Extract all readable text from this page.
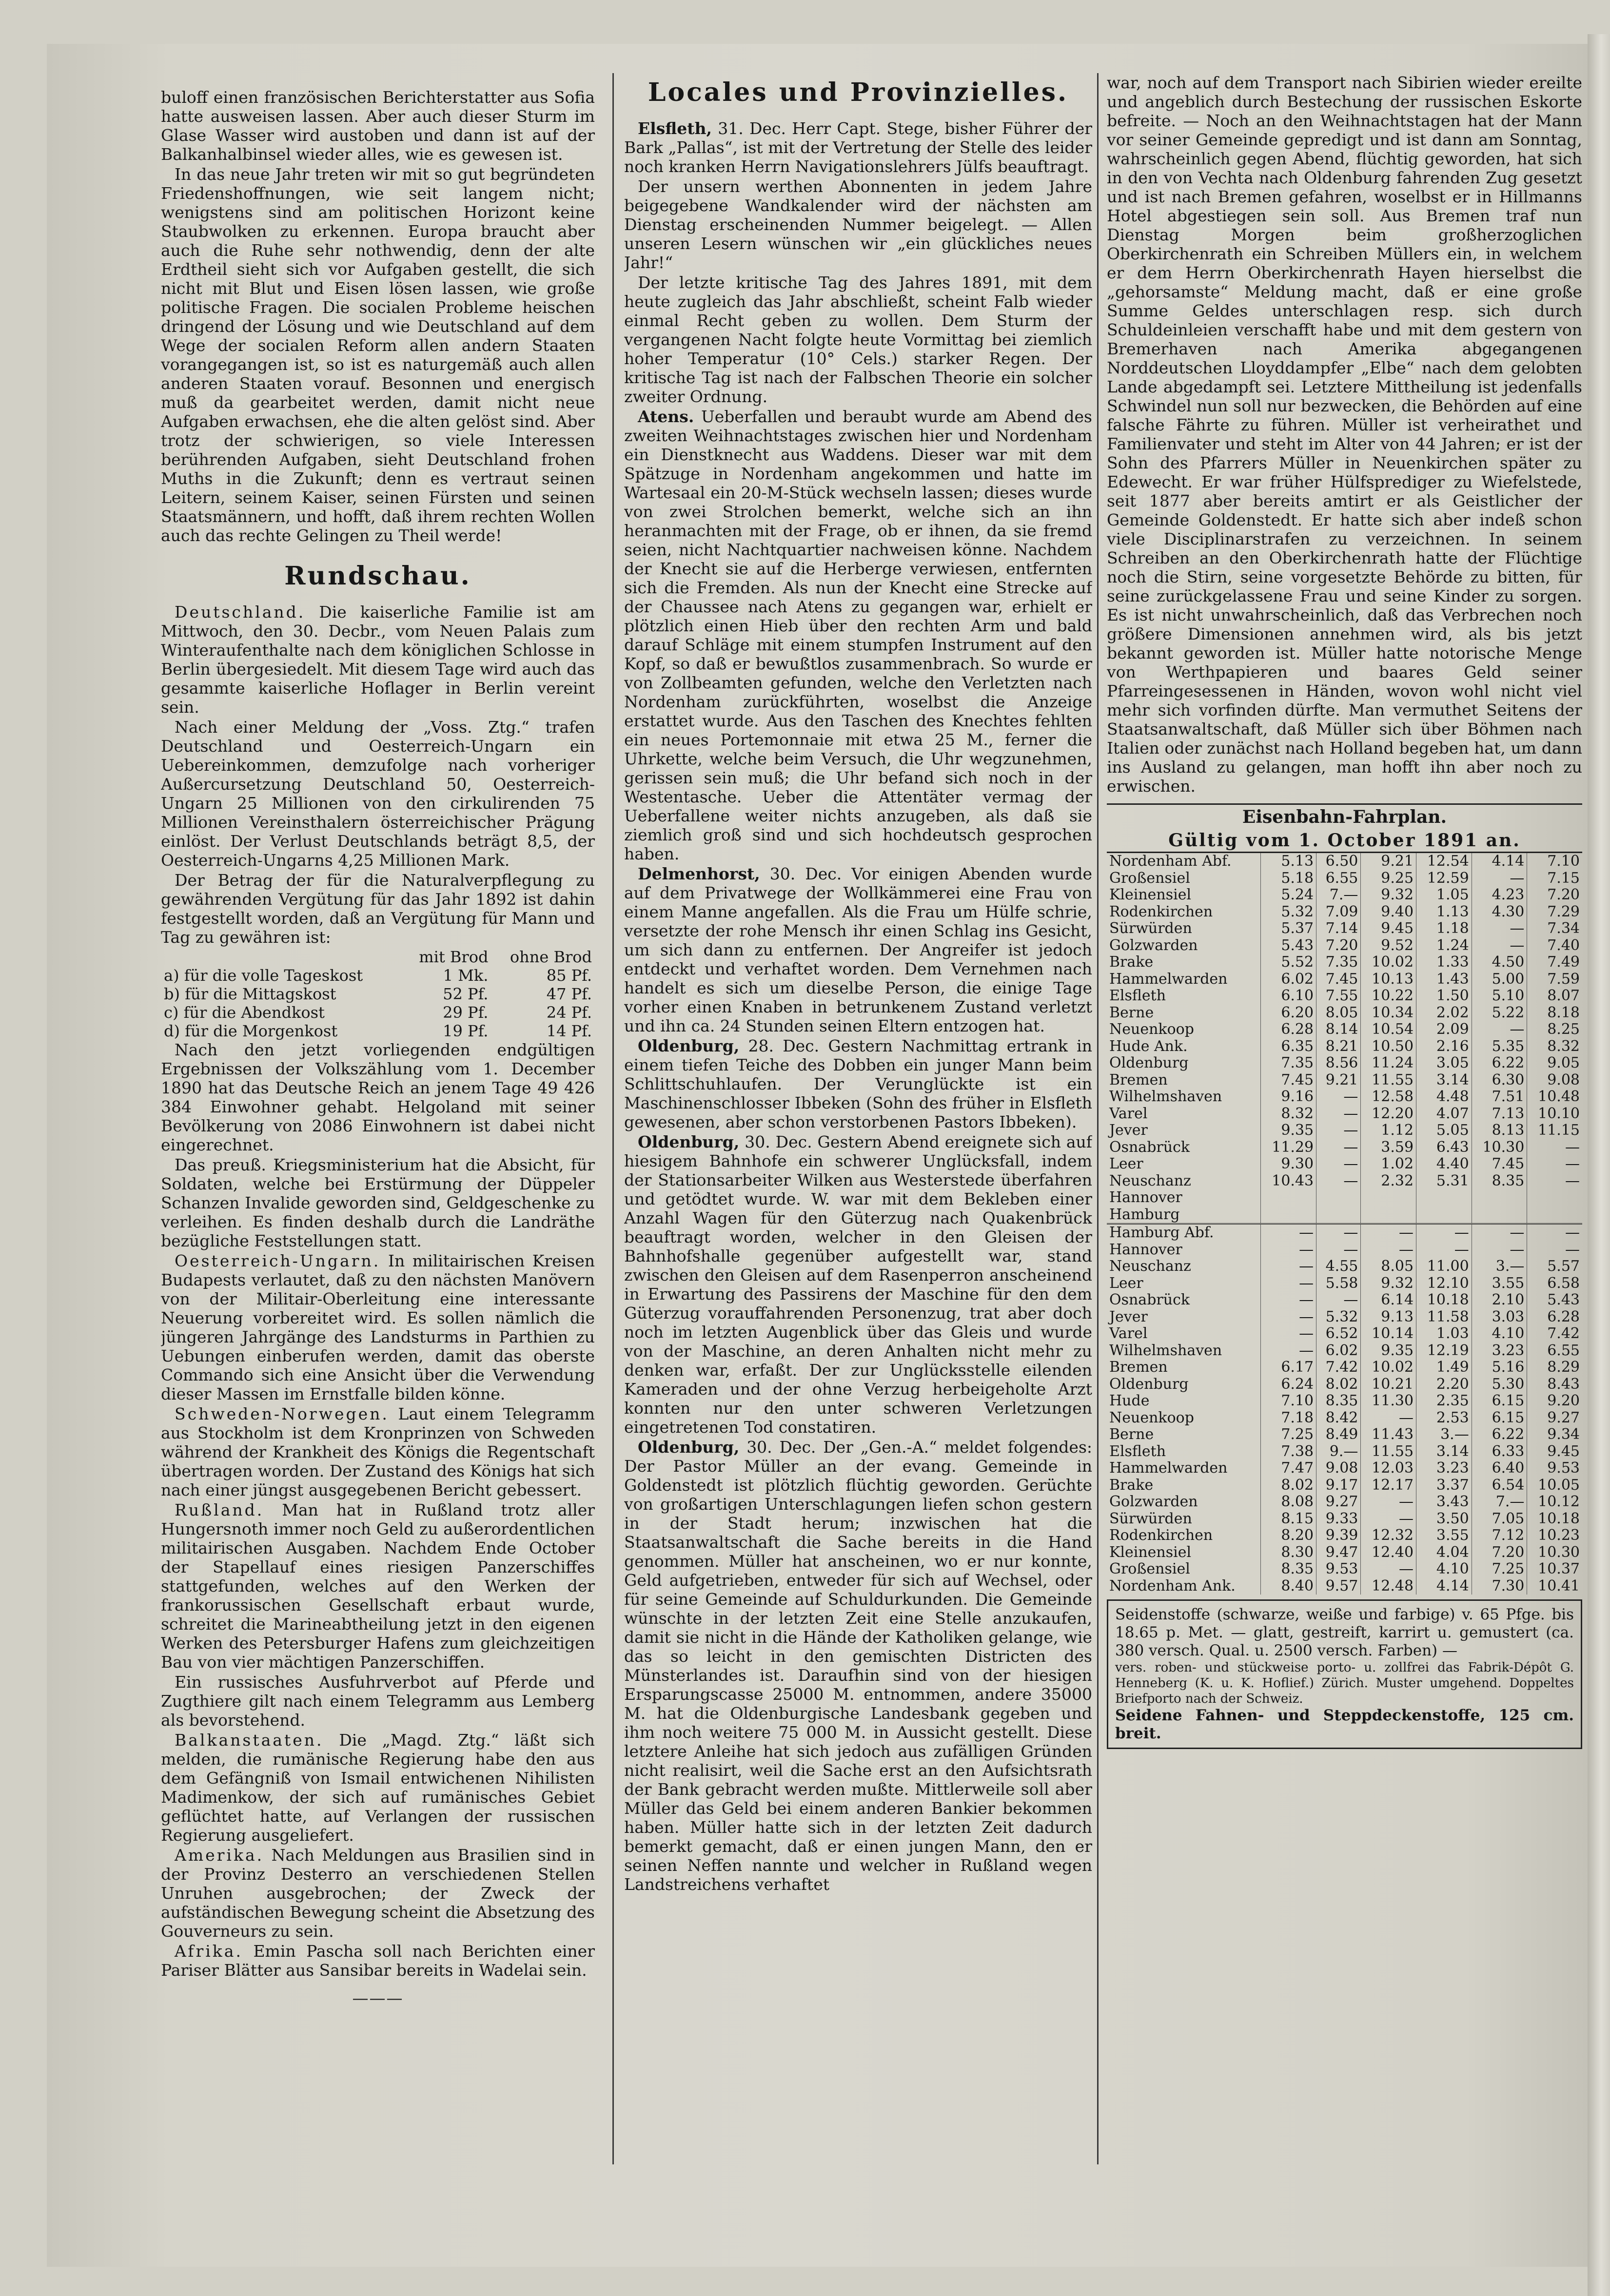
buloff einen französischen Berichterstatter aus Sofia hatte ausweisen lassen. Aber auch dieser Sturm im Glase Wasser wird austoben und dann ist auf der Balkanhalbinsel wieder alles, wie es gewesen ist.

In das neue Jahr treten wir mit so gut begründeten Friedenshoffnungen, wie seit langem nicht; wenigstens sind am politischen Horizont keine Staubwolken zu erkennen. Europa braucht aber auch die Ruhe sehr nothwendig, denn der alte Erdtheil sieht sich vor Aufgaben gestellt, die sich nicht mit Blut und Eisen lösen lassen, wie große politische Fragen. Die socialen Probleme heischen dringend der Lösung und wie Deutschland auf dem Wege der socialen Reform allen andern Staaten vorangegangen ist, so ist es naturgemäß auch allen anderen Staaten vorauf. Besonnen und energisch muß da gearbeitet werden, damit nicht neue Aufgaben erwachsen, ehe die alten gelöst sind. Aber trotz der schwierigen, so viele Interessen berührenden Aufgaben, sieht Deutschland frohen Muths in die Zukunft; denn es vertraut seinen Leitern, seinem Kaiser, seinen Fürsten und seinen Staatsmännern, und hofft, daß ihrem rechten Wollen auch das rechte Gelingen zu Theil werde!

Rundschau.

Deutschland. Die kaiserliche Familie ist am Mittwoch, den 30. Decbr., vom Neuen Palais zum Winteraufenthalte nach dem königlichen Schlosse in Berlin übergesiedelt. Mit diesem Tage wird auch das gesammte kaiserliche Hoflager in Berlin vereint sein.

Nach einer Meldung der „Voss. Ztg.“ trafen Deutschland und Oesterreich-Ungarn ein Uebereinkommen, demzufolge nach vorheriger Außercursetzung Deutschland 50, Oesterreich-Ungarn 25 Millionen von den cirkulirenden 75 Millionen Vereinsthalern österreichischer Prägung einlöst. Der Verlust Deutschlands beträgt 8,5, der Oesterreich-Ungarns 4,25 Millionen Mark.

Der Betrag der für die Naturalverpflegung zu gewährenden Vergütung für das Jahr 1892 ist dahin festgestellt worden, daß an Vergütung für Mann und Tag zu gewähren ist:

	mit Brod	ohne Brod
a) für die volle Tageskost	1 Mk.	85 Pf.
b) für die Mittagskost	52 Pf.	47 Pf.
c) für die Abendkost	29 Pf.	24 Pf.
d) für die Morgenkost	19 Pf.	14 Pf.

Nach den jetzt vorliegenden endgültigen Ergebnissen der Volkszählung vom 1. December 1890 hat das Deutsche Reich an jenem Tage 49 426 384 Einwohner gehabt. Helgoland mit seiner Bevölkerung von 2086 Einwohnern ist dabei nicht eingerechnet.

Das preuß. Kriegsministerium hat die Absicht, für Soldaten, welche bei Erstürmung der Düppeler Schanzen Invalide geworden sind, Geldgeschenke zu verleihen. Es finden deshalb durch die Landräthe bezügliche Feststellungen statt.

Oesterreich-Ungarn. In militairischen Kreisen Budapests verlautet, daß zu den nächsten Manövern von der Militair-Oberleitung eine interessante Neuerung vorbereitet wird. Es sollen nämlich die jüngeren Jahrgänge des Landsturms in Parthien zu Uebungen einberufen werden, damit das oberste Commando sich eine Ansicht über die Verwendung dieser Massen im Ernstfalle bilden könne.

Schweden-Norwegen. Laut einem Telegramm aus Stockholm ist dem Kronprinzen von Schweden während der Krankheit des Königs die Regentschaft übertragen worden. Der Zustand des Königs hat sich nach einer jüngst ausgegebenen Bericht gebessert.

Rußland. Man hat in Rußland trotz aller Hungersnoth immer noch Geld zu außerordentlichen militairischen Ausgaben. Nachdem Ende October der Stapellauf eines riesigen Panzerschiffes stattgefunden, welches auf den Werken der frankorussischen Gesellschaft erbaut wurde, schreitet die Marineabtheilung jetzt in den eigenen Werken des Petersburger Hafens zum gleichzeitigen Bau von vier mächtigen Panzerschiffen.

Ein russisches Ausfuhrverbot auf Pferde und Zugthiere gilt nach einem Telegramm aus Lemberg als bevorstehend.

Balkanstaaten. Die „Magd. Ztg.“ läßt sich melden, die rumänische Regierung habe den aus dem Gefängniß von Ismail entwichenen Nihilisten Madimenkow, der sich auf rumänisches Gebiet geflüchtet hatte, auf Verlangen der russischen Regierung ausgeliefert.

Amerika. Nach Meldungen aus Brasilien sind in der Provinz Desterro an verschiedenen Stellen Unruhen ausgebrochen; der Zweck der aufständischen Bewegung scheint die Absetzung des Gouverneurs zu sein.

Afrika. Emin Pascha soll nach Berichten einer Pariser Blätter aus Sansibar bereits in Wadelai sein.

———

Locales und Provinzielles.

Elsfleth, 31. Dec. Herr Capt. Stege, bisher Führer der Bark „Pallas“, ist mit der Vertretung der Stelle des leider noch kranken Herrn Navigationslehrers Jülfs beauftragt.

Der unsern werthen Abonnenten in jedem Jahre beigegebene Wandkalender wird der nächsten am Dienstag erscheinenden Nummer beigelegt. — Allen unseren Lesern wünschen wir „ein glückliches neues Jahr!“

Der letzte kritische Tag des Jahres 1891, mit dem heute zugleich das Jahr abschließt, scheint Falb wieder einmal Recht geben zu wollen. Dem Sturm der vergangenen Nacht folgte heute Vormittag bei ziemlich hoher Temperatur (10° Cels.) starker Regen. Der kritische Tag ist nach der Falbschen Theorie ein solcher zweiter Ordnung.

Atens. Ueberfallen und beraubt wurde am Abend des zweiten Weihnachtstages zwischen hier und Nordenham ein Dienstknecht aus Waddens. Dieser war mit dem Spätzuge in Nordenham angekommen und hatte im Wartesaal ein 20-M-Stück wechseln lassen; dieses wurde von zwei Strolchen bemerkt, welche sich an ihn heranmachten mit der Frage, ob er ihnen, da sie fremd seien, nicht Nachtquartier nachweisen könne. Nachdem der Knecht sie auf die Herberge verwiesen, entfernten sich die Fremden. Als nun der Knecht eine Strecke auf der Chaussee nach Atens zu gegangen war, erhielt er plötzlich einen Hieb über den rechten Arm und bald darauf Schläge mit einem stumpfen Instrument auf den Kopf, so daß er bewußtlos zusammenbrach. So wurde er von Zollbeamten gefunden, welche den Verletzten nach Nordenham zurückführten, woselbst die Anzeige erstattet wurde. Aus den Taschen des Knechtes fehlten ein neues Portemonnaie mit etwa 25 M., ferner die Uhrkette, welche beim Versuch, die Uhr wegzunehmen, gerissen sein muß; die Uhr befand sich noch in der Westentasche. Ueber die Attentäter vermag der Ueberfallene weiter nichts anzugeben, als daß sie ziemlich groß sind und sich hochdeutsch gesprochen haben.

Delmenhorst, 30. Dec. Vor einigen Abenden wurde auf dem Privatwege der Wollkämmerei eine Frau von einem Manne angefallen. Als die Frau um Hülfe schrie, versetzte der rohe Mensch ihr einen Schlag ins Gesicht, um sich dann zu entfernen. Der Angreifer ist jedoch entdeckt und verhaftet worden. Dem Vernehmen nach handelt es sich um dieselbe Person, die einige Tage vorher einen Knaben in betrunkenem Zustand verletzt und ihn ca. 24 Stunden seinen Eltern entzogen hat.

Oldenburg, 28. Dec. Gestern Nachmittag ertrank in einem tiefen Teiche des Dobben ein junger Mann beim Schlittschuhlaufen. Der Verunglückte ist ein Maschinenschlosser Ibbeken (Sohn des früher in Elsfleth gewesenen, aber schon verstorbenen Pastors Ibbeken).

Oldenburg, 30. Dec. Gestern Abend ereignete sich auf hiesigem Bahnhofe ein schwerer Unglücksfall, indem der Stationsarbeiter Wilken aus Westerstede überfahren und getödtet wurde. W. war mit dem Bekleben einer Anzahl Wagen für den Güterzug nach Quakenbrück beauftragt worden, welcher in den Gleisen der Bahnhofshalle gegenüber aufgestellt war, stand zwischen den Gleisen auf dem Rasenperron anscheinend in Erwartung des Passirens der Maschine für den dem Güterzug vorauffahrenden Personenzug, trat aber doch noch im letzten Augenblick über das Gleis und wurde von der Maschine, an deren Anhalten nicht mehr zu denken war, erfaßt. Der zur Unglücksstelle eilenden Kameraden und der ohne Verzug herbeigeholte Arzt konnten nur den unter schweren Verletzungen eingetretenen Tod constatiren.

Oldenburg, 30. Dec. Der „Gen.-A.“ meldet folgendes: Der Pastor Müller an der evang. Gemeinde in Goldenstedt ist plötzlich flüchtig geworden. Gerüchte von großartigen Unterschlagungen liefen schon gestern in der Stadt herum; inzwischen hat die Staatsanwaltschaft die Sache bereits in die Hand genommen. Müller hat anscheinen, wo er nur konnte, Geld aufgetrieben, entweder für sich auf Wechsel, oder für seine Gemeinde auf Schuldurkunden. Die Gemeinde wünschte in der letzten Zeit eine Stelle anzukaufen, damit sie nicht in die Hände der Katholiken gelange, wie das so leicht in den gemischten Districten des Münsterlandes ist. Daraufhin sind von der hiesigen Ersparungscasse 25000 M. entnommen, andere 35000 M. hat die Oldenburgische Landesbank gegeben und ihm noch weitere 75 000 M. in Aussicht gestellt. Diese letztere Anleihe hat sich jedoch aus zufälligen Gründen nicht realisirt, weil die Sache erst an den Aufsichtsrath der Bank gebracht werden mußte. Mittlerweile soll aber Müller das Geld bei einem anderen Bankier bekommen haben. Müller hatte sich in der letzten Zeit dadurch bemerkt gemacht, daß er einen jungen Mann, den er seinen Neffen nannte und welcher in Rußland wegen Landstreichens verhaftet

war, noch auf dem Transport nach Sibirien wieder ereilte und angeblich durch Bestechung der russischen Eskorte befreite. — Noch an den Weihnachtstagen hat der Mann vor seiner Gemeinde gepredigt und ist dann am Sonntag, wahrscheinlich gegen Abend, flüchtig geworden, hat sich in den von Vechta nach Oldenburg fahrenden Zug gesetzt und ist nach Bremen gefahren, woselbst er in Hillmanns Hotel abgestiegen sein soll. Aus Bremen traf nun Dienstag Morgen beim großherzoglichen Oberkirchenrath ein Schreiben Müllers ein, in welchem er dem Herrn Oberkirchenrath Hayen hierselbst die „gehorsamste“ Meldung macht, daß er eine große Summe Geldes unterschlagen resp. sich durch Schuldeinleien verschafft habe und mit dem gestern von Bremerhaven nach Amerika abgegangenen Norddeutschen Lloyddampfer „Elbe“ nach dem gelobten Lande abgedampft sei. Letztere Mittheilung ist jedenfalls Schwindel nun soll nur bezwecken, die Behörden auf eine falsche Fährte zu führen. Müller ist verheirathet und Familienvater und steht im Alter von 44 Jahren; er ist der Sohn des Pfarrers Müller in Neuenkirchen später zu Edewecht. Er war früher Hülfsprediger zu Wiefelstede, seit 1877 aber bereits amtirt er als Geistlicher der Gemeinde Goldenstedt. Er hatte sich aber indeß schon viele Disciplinarstrafen zu verzeichnen. In seinem Schreiben an den Oberkirchenrath hatte der Flüchtige noch die Stirn, seine vorgesetzte Behörde zu bitten, für seine zurückgelassene Frau und seine Kinder zu sorgen. Es ist nicht unwahrscheinlich, daß das Verbrechen noch größere Dimensionen annehmen wird, als bis jetzt bekannt geworden ist. Müller hatte notorische Menge von Werthpapieren und baares Geld seiner Pfarreingesessenen in Händen, wovon wohl nicht viel mehr sich vorfinden dürfte. Man vermuthet Seitens der Staatsanwaltschaft, daß Müller sich über Böhmen nach Italien oder zunächst nach Holland begeben hat, um dann ins Ausland zu gelangen, man hofft ihn aber noch zu erwischen.

Eisenbahn-Fahrplan.
Gültig vom 1. October 1891 an.
Nordenham Abf.	5.13	6.50	9.21	12.54	4.14	7.10
Großensiel	5.18	6.55	9.25	12.59	—	7.15
Kleinensiel	5.24	7.—	9.32	1.05	4.23	7.20
Rodenkirchen	5.32	7.09	9.40	1.13	4.30	7.29
Sürwürden	5.37	7.14	9.45	1.18	—	7.34
Golzwarden	5.43	7.20	9.52	1.24	—	7.40
Brake	5.52	7.35	10.02	1.33	4.50	7.49
Hammelwarden	6.02	7.45	10.13	1.43	5.00	7.59
Elsfleth	6.10	7.55	10.22	1.50	5.10	8.07
Berne	6.20	8.05	10.34	2.02	5.22	8.18
Neuenkoop	6.28	8.14	10.54	2.09	—	8.25
Hude Ank.	6.35	8.21	10.50	2.16	5.35	8.32
Oldenburg	7.35	8.56	11.24	3.05	6.22	9.05
Bremen	7.45	9.21	11.55	3.14	6.30	9.08
Wilhelmshaven	9.16	—	12.58	4.48	7.51	10.48
Varel	8.32	—	12.20	4.07	7.13	10.10
Jever	9.35	—	1.12	5.05	8.13	11.15
Osnabrück	11.29	—	3.59	6.43	10.30	—
Leer	9.30	—	1.02	4.40	7.45	—
Neuschanz	10.43	—	2.32	5.31	8.35	—
Hannover						
Hamburg						
Hamburg Abf.	—	—	—	—	—	—
Hannover	—	—	—	—	—	—
Neuschanz	—	4.55	8.05	11.00	3.—	5.57
Leer	—	5.58	9.32	12.10	3.55	6.58
Osnabrück	—	—	6.14	10.18	2.10	5.43
Jever	—	5.32	9.13	11.58	3.03	6.28
Varel	—	6.52	10.14	1.03	4.10	7.42
Wilhelmshaven	—	6.02	9.35	12.19	3.23	6.55
Bremen	6.17	7.42	10.02	1.49	5.16	8.29
Oldenburg	6.24	8.02	10.21	2.20	5.30	8.43
Hude	7.10	8.35	11.30	2.35	6.15	9.20
Neuenkoop	7.18	8.42	—	2.53	6.15	9.27
Berne	7.25	8.49	11.43	3.—	6.22	9.34
Elsfleth	7.38	9.—	11.55	3.14	6.33	9.45
Hammelwarden	7.47	9.08	12.03	3.23	6.40	9.53
Brake	8.02	9.17	12.17	3.37	6.54	10.05
Golzwarden	8.08	9.27	—	3.43	7.—	10.12
Sürwürden	8.15	9.33	—	3.50	7.05	10.18
Rodenkirchen	8.20	9.39	12.32	3.55	7.12	10.23
Kleinensiel	8.30	9.47	12.40	4.04	7.20	10.30
Großensiel	8.35	9.53	—	4.10	7.25	10.37
Nordenham Ank.	8.40	9.57	12.48	4.14	7.30	10.41
Seidenstoffe (schwarze, weiße und farbige) v. 65 Pfge. bis 18.65 p. Met. — glatt, gestreift, karrirt u. gemustert (ca. 380 versch. Qual. u. 2500 versch. Farben) —
vers. roben- und stückweise porto- u. zollfrei das Fabrik-Dépôt G. Henneberg (K. u. K. Hoflief.) Zürich. Muster umgehend. Doppeltes Briefporto nach der Schweiz.
Seidene Fahnen- und Steppdeckenstoffe, 125 cm. breit.
